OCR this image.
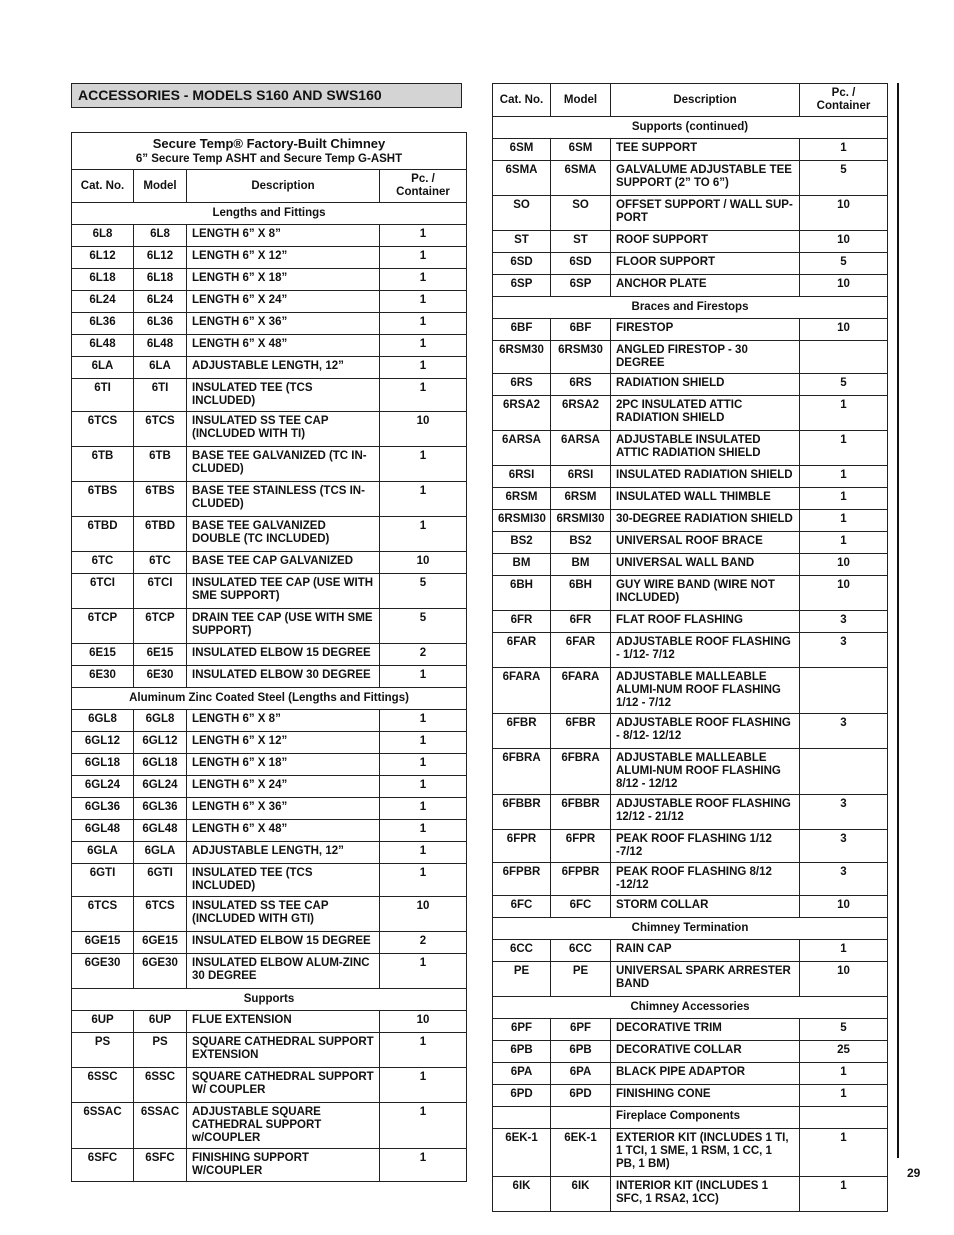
ACCESSORIES - MODELS S160 AND SWS160
Secure Temp® Factory-Built Chimney
6” Secure Temp ASHT and Secure Temp G-ASHT			

Cat. No.	Model	Description	Pc. / Container
Lengths and Fittings			
6L8	6L8	LENGTH 6” X 8”	1
6L12	6L12	LENGTH 6” X 12”	1
6L18	6L18	LENGTH 6” X 18”	1
6L24	6L24	LENGTH 6” X 24”	1
6L36	6L36	LENGTH 6” X 36”	1
6L48	6L48	LENGTH 6” X 48”	1
6LA	6LA	ADJUSTABLE LENGTH, 12”	1
6TI	6TI	INSULATED TEE (TCS INCLUDED)	1
6TCS	6TCS	INSULATED SS TEE CAP (INCLUDED WITH TI)	10
6TB	6TB	BASE TEE GALVANIZED (TC IN-CLUDED)	1
6TBS	6TBS	BASE TEE STAINLESS (TCS IN-CLUDED)	1
6TBD	6TBD	BASE TEE GALVANIZED DOUBLE (TC INCLUDED)	1
6TC	6TC	BASE TEE CAP GALVANIZED	10
6TCI	6TCI	INSULATED TEE CAP (USE WITH SME SUPPORT)	5
6TCP	6TCP	DRAIN TEE CAP (USE WITH SME SUPPORT)	5
6E15	6E15	INSULATED ELBOW 15 DEGREE	2
6E30	6E30	INSULATED ELBOW 30 DEGREE	1
Aluminum Zinc Coated Steel (Lengths and Fittings)			
6GL8	6GL8	LENGTH 6” X 8”	1
6GL12	6GL12	LENGTH 6” X 12”	1
6GL18	6GL18	LENGTH 6” X 18”	1
6GL24	6GL24	LENGTH 6” X 24”	1
6GL36	6GL36	LENGTH 6” X 36”	1
6GL48	6GL48	LENGTH 6” X 48”	1
6GLA	6GLA	ADJUSTABLE LENGTH, 12”	1
6GTI	6GTI	INSULATED TEE (TCS INCLUDED)	1
6TCS	6TCS	INSULATED SS TEE CAP (INCLUDED WITH GTI)	10
6GE15	6GE15	INSULATED ELBOW 15 DEGREE	2
6GE30	6GE30	INSULATED ELBOW ALUM-ZINC 30 DEGREE	1
Supports			
6UP	6UP	FLUE EXTENSION	10
PS	PS	SQUARE CATHEDRAL SUPPORT EXTENSION	1
6SSC	6SSC	SQUARE CATHEDRAL SUPPORT W/ COUPLER	1
6SSAC	6SSAC	ADJUSTABLE SQUARE CATHEDRAL SUPPORT w/COUPLER	1
6SFC	6SFC	FINISHING SUPPORT W/COUPLER	1
Cat. No.	Model	Description	Pc. / Container
Supports (continued)			
6SM	6SM	TEE SUPPORT	1
6SMA	6SMA	GALVALUME ADJUSTABLE TEE SUPPORT (2” TO 6”)	5
SO	SO	OFFSET SUPPORT / WALL SUP-PORT	10
ST	ST	ROOF SUPPORT	10
6SD	6SD	FLOOR SUPPORT	5
6SP	6SP	ANCHOR PLATE	10
Braces and Firestops			
6BF	6BF	FIRESTOP	10
6RSM30	6RSM30	ANGLED FIRESTOP - 30 DEGREE	
6RS	6RS	RADIATION SHIELD	5
6RSA2	6RSA2	2PC INSULATED ATTIC RADIATION SHIELD	1
6ARSA	6ARSA	ADJUSTABLE INSULATED ATTIC RADIATION SHIELD	1
6RSI	6RSI	INSULATED RADIATION SHIELD	1
6RSM	6RSM	INSULATED WALL THIMBLE	1
6RSMI30	6RSMI30	30-DEGREE RADIATION SHIELD	1
BS2	BS2	UNIVERSAL ROOF BRACE	1
BM	BM	UNIVERSAL WALL BAND	10
6BH	6BH	GUY WIRE BAND (WIRE NOT INCLUDED)	10
6FR	6FR	FLAT ROOF FLASHING	3
6FAR	6FAR	ADJUSTABLE ROOF FLASHING - 1/12- 7/12	3
6FARA	6FARA	ADJUSTABLE MALLEABLE ALUMI-NUM ROOF FLASHING 1/12 - 7/12	
6FBR	6FBR	ADJUSTABLE ROOF FLASHING - 8/12- 12/12	3
6FBRA	6FBRA	ADJUSTABLE MALLEABLE ALUMI-NUM ROOF FLASHING 8/12 - 12/12	
6FBBR	6FBBR	ADJUSTABLE ROOF FLASHING 12/12 - 21/12	3
6FPR	6FPR	PEAK ROOF FLASHING 1/12 -7/12	3
6FPBR	6FPBR	PEAK ROOF FLASHING 8/12 -12/12	3
6FC	6FC	STORM COLLAR	10
Chimney Termination			
6CC	6CC	RAIN CAP	1
PE	PE	UNIVERSAL SPARK ARRESTER BAND	10
Chimney Accessories			
6PF	6PF	DECORATIVE TRIM	5
6PB	6PB	DECORATIVE COLLAR	25
6PA	6PA	BLACK PIPE ADAPTOR	1
6PD	6PD	FINISHING CONE	1
		Fireplace Components	
6EK-1	6EK-1	EXTERIOR KIT (INCLUDES 1 TI, 1 TCI, 1 SME, 1 RSM, 1 CC, 1 PB, 1 BM)	1
6IK	6IK	INTERIOR KIT (INCLUDES 1 SFC, 1 RSA2, 1CC)	1
29
